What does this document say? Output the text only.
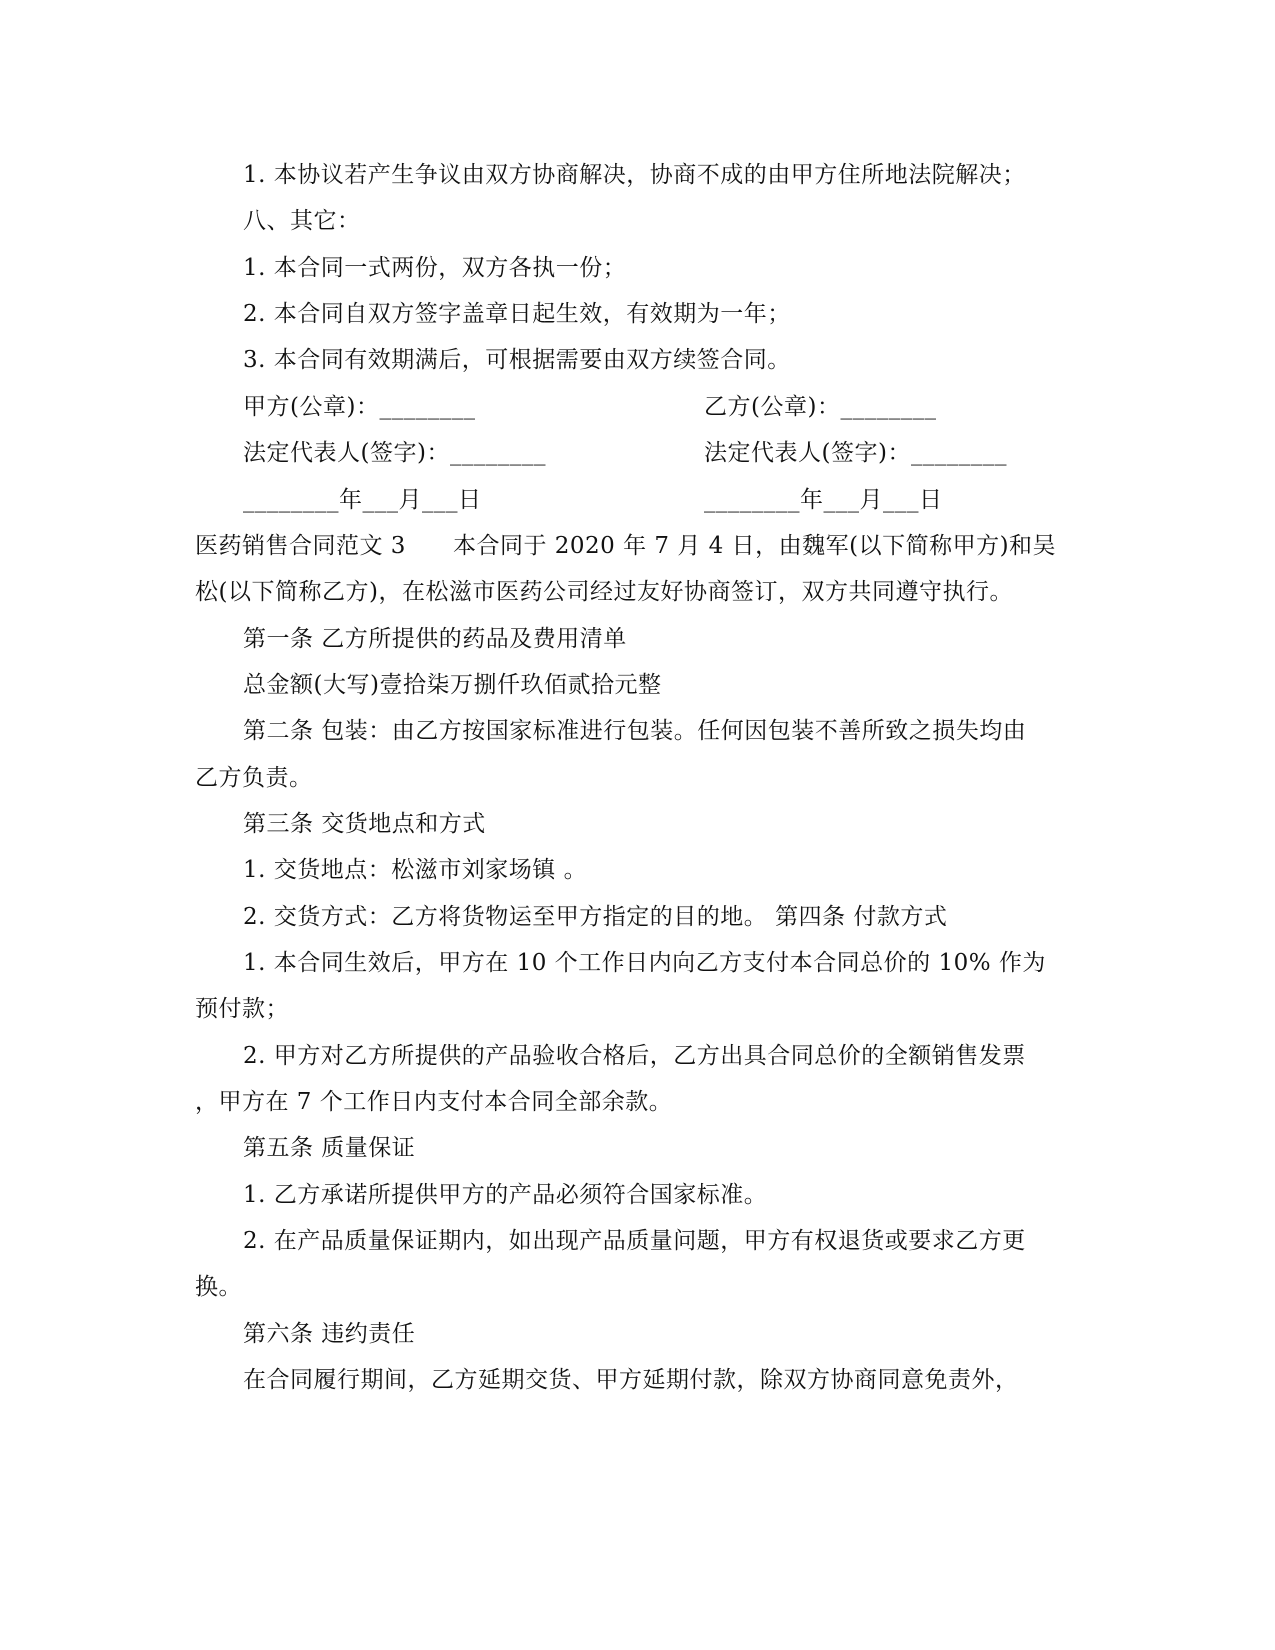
1. 本协议若产生争议由双方协商解决，协商不成的由甲方住所地法院解决；
八、其它：
1. 本合同一式两份，双方各执一份；
2. 本合同自双方签字盖章日起生效，有效期为一年；
3. 本合同有效期满后，可根据需要由双方续签合同。
甲方(公章)：________	乙方(公章)：________
法定代表人(签字)：________	法定代表人(签字)：________
________年___月___日	________年___月___日
医药销售合同范文 3　　本合同于 2020 年 7 月 4 日，由魏军(以下简称甲方)和吴
松(以下简称乙方)，在松滋市医药公司经过友好协商签订，双方共同遵守执行。
第一条 乙方所提供的药品及费用清单
总金额(大写)壹拾柒万捌仟玖佰贰拾元整
第二条 包装：由乙方按国家标准进行包装。任何因包装不善所致之损失均由
乙方负责。
第三条 交货地点和方式
1. 交货地点：松滋市刘家场镇 。
2. 交货方式：乙方将货物运至甲方指定的目的地。 第四条 付款方式
1. 本合同生效后，甲方在 10 个工作日内向乙方支付本合同总价的 10% 作为
预付款；
2. 甲方对乙方所提供的产品验收合格后，乙方出具合同总价的全额销售发票
，甲方在 7 个工作日内支付本合同全部余款。
第五条 质量保证
1. 乙方承诺所提供甲方的产品必须符合国家标准。
2. 在产品质量保证期内，如出现产品质量问题，甲方有权退货或要求乙方更
换。
第六条 违约责任
在合同履行期间，乙方延期交货、甲方延期付款，除双方协商同意免责外，
